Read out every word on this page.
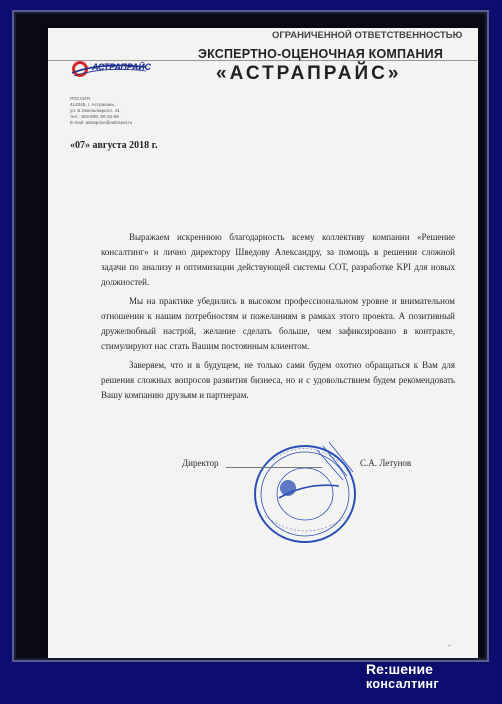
АСТРАПРАЙС
ОГРАНИЧЕННОЙ ОТВЕТСТВЕННОСТЬЮ
ЭКСПЕРТНО-ОЦЕНОЧНАЯ КОМПАНИЯ
«АСТРАПРАЙС»
РОССИЯ
414045, г. Астрахань,
ул. Б.Хмельницкого, 41,
тел.: 303-808, 50-32-69
E-mail: astraprice@astranet.ru
«07» августа 2018 г.

Выражаем искреннюю благодарность всему коллективу компании «Решение консалтинг» и лично директору Шведову Александру, за помощь в решении сложной задачи по анализу и оптимизации действующей системы СОТ, разработке KPI для новых должностей.

Мы на практике убедились в высоком профессиональном уровне и внимательном отношении к нашим потребностям и пожеланиям в рамках этого проекта. А позитивный дружелюбный настрой, желание сделать больше, чем зафиксировано в контракте, стимулируют нас стать Вашим постоянным клиентом.

Заверяем, что и в будущем, не только сами будем охотно обращаться к Вам для решения сложных вопросов развития бизнеса, но и с удовольствием будем рекомендовать Вашу компанию друзьям и партнерам.

Директор	С.А. Летунов
⌐
Re:шение
консалтинг
